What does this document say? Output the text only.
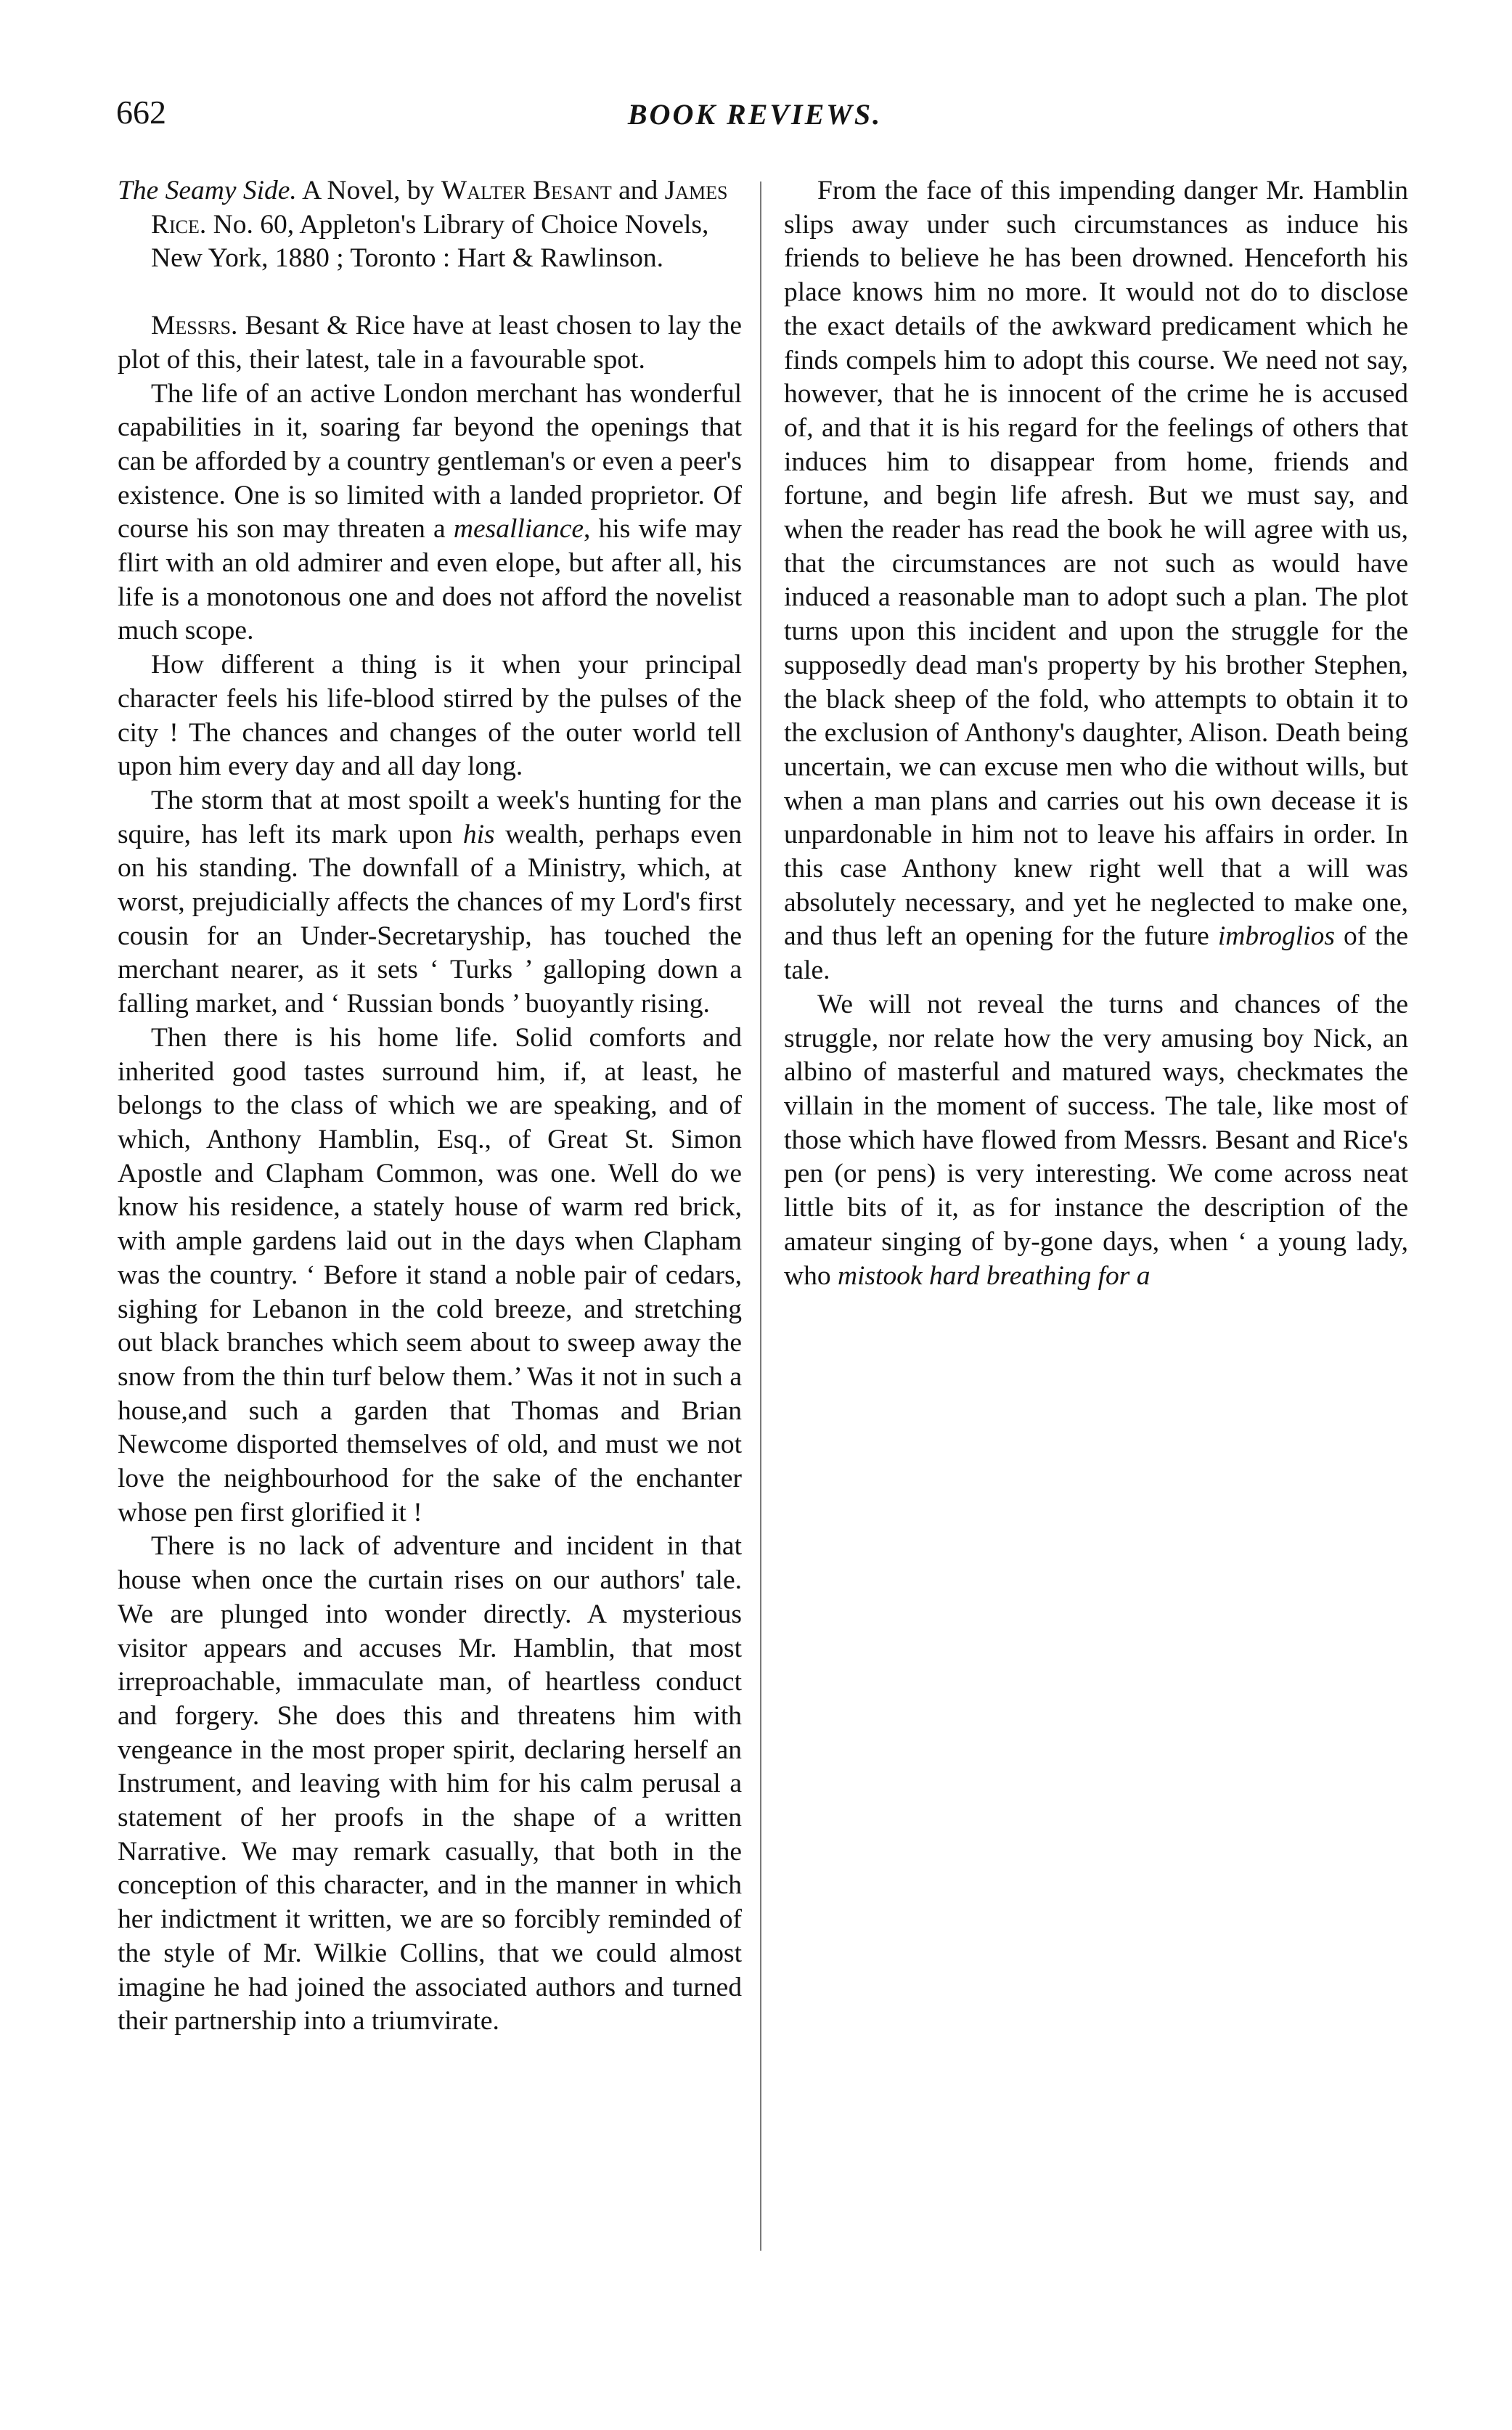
662	BOOK REVIEWS.

The Seamy Side. A Novel, by Walter Besant and James Rice. No. 60, Appleton's Library of Choice Novels, New York, 1880 ; Toronto : Hart & Rawlinson.

Messrs. Besant & Rice have at least chosen to lay the plot of this, their latest, tale in a favourable spot.

The life of an active London merchant has wonderful capabilities in it, soaring far beyond the openings that can be afforded by a country gentleman's or even a peer's existence. One is so limited with a landed proprietor. Of course his son may threaten a mesalliance, his wife may flirt with an old admirer and even elope, but after all, his life is a monotonous one and does not afford the novelist much scope.

How different a thing is it when your principal character feels his life-blood stirred by the pulses of the city ! The chances and changes of the outer world tell upon him every day and all day long.

The storm that at most spoilt a week's hunting for the squire, has left its mark upon his wealth, perhaps even on his standing. The downfall of a Ministry, which, at worst, prejudicially affects the chances of my Lord's first cousin for an Under-Secretaryship, has touched the merchant nearer, as it sets ‘ Turks ’ galloping down a falling market, and ‘ Russian bonds ’ buoyantly rising.

Then there is his home life. Solid comforts and inherited good tastes surround him, if, at least, he belongs to the class of which we are speaking, and of which, Anthony Hamblin, Esq., of Great St. Simon Apostle and Clapham Common, was one. Well do we know his residence, a stately house of warm red brick, with ample gardens laid out in the days when Clapham was the country. ‘ Before it stand a noble pair of cedars, sighing for Lebanon in the cold breeze, and stretching out black branches which seem about to sweep away the snow from the thin turf below them.’ Was it not in such a house,and such a garden that Thomas and Brian Newcome disported themselves of old, and must we not love the neighbourhood for the sake of the enchanter whose pen first glorified it !

There is no lack of adventure and incident in that house when once the curtain rises on our authors' tale. We are plunged into wonder directly. A mysterious visitor appears and accuses Mr. Hamblin, that most irreproachable, immaculate man, of heartless conduct and forgery. She does this and threatens him with vengeance in the most proper spirit, declaring herself an Instrument, and leaving with him for his calm perusal a statement of her proofs in the shape of a written Narrative. We may remark casually, that both in the conception of this character, and in the manner in which her indictment it written, we are so forcibly reminded of the style of Mr. Wilkie Collins, that we could almost imagine he had joined the associated authors and turned their partnership into a triumvirate.

From the face of this impending danger Mr. Hamblin slips away under such circumstances as induce his friends to believe he has been drowned. Henceforth his place knows him no more. It would not do to disclose the exact details of the awkward predicament which he finds compels him to adopt this course. We need not say, however, that he is innocent of the crime he is accused of, and that it is his regard for the feelings of others that induces him to disappear from home, friends and fortune, and begin life afresh. But we must say, and when the reader has read the book he will agree with us, that the circumstances are not such as would have induced a reasonable man to adopt such a plan. The plot turns upon this incident and upon the struggle for the supposedly dead man's property by his brother Stephen, the black sheep of the fold, who attempts to obtain it to the exclusion of Anthony's daughter, Alison. Death being uncertain, we can excuse men who die without wills, but when a man plans and carries out his own decease it is unpardonable in him not to leave his affairs in order. In this case Anthony knew right well that a will was absolutely necessary, and yet he neglected to make one, and thus left an opening for the future imbroglios of the tale.

We will not reveal the turns and chances of the struggle, nor relate how the very amusing boy Nick, an albino of masterful and matured ways, checkmates the villain in the moment of success. The tale, like most of those which have flowed from Messrs. Besant and Rice's pen (or pens) is very interesting. We come across neat little bits of it, as for instance the description of the amateur singing of by-gone days, when ‘ a young lady, who mistook hard breathing for a
